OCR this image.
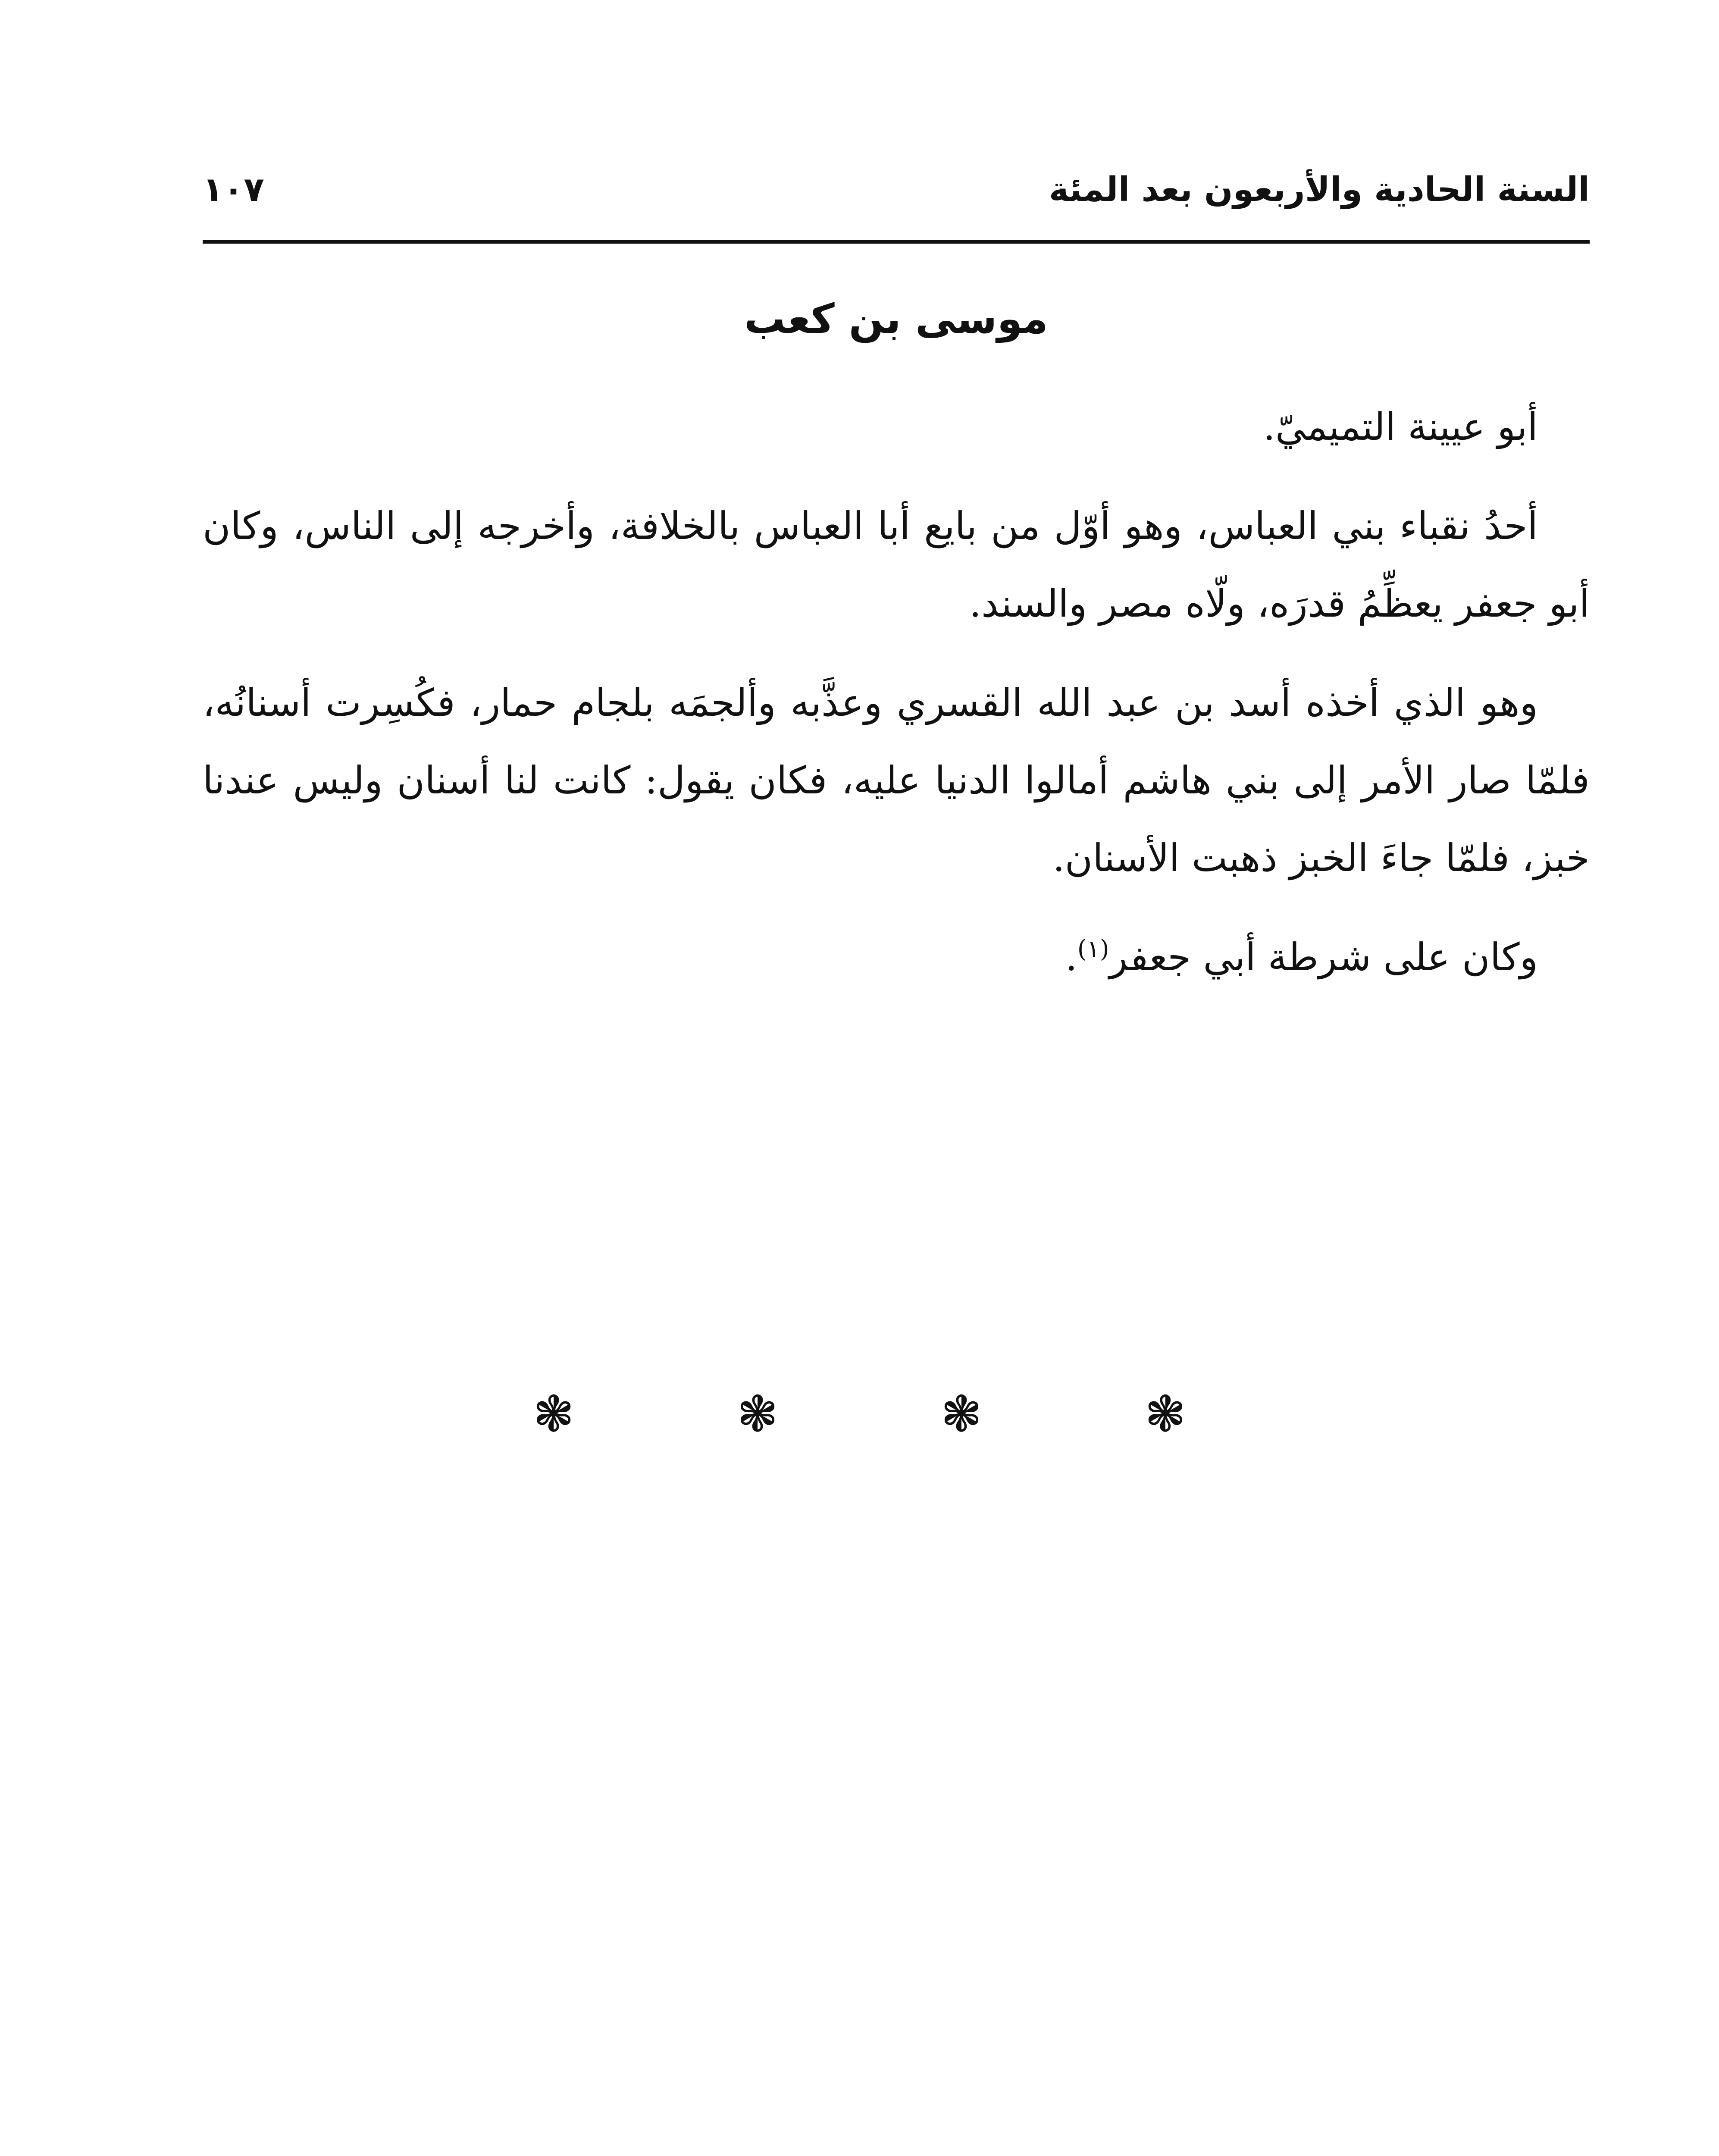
السنة الحادية والأربعون بعد المئة
١٠٧
موسى بن كعب

أبو عيينة التميميّ.

أحدُ نقباء بني العباس، وهو أوّل من بايع أبا العباس بالخلافة، وأخرجه إلى الناس، وكان أبو جعفر يعظِّمُ قدرَه، ولّاه مصر والسند.

وهو الذي أخذه أسد بن عبد الله القسري وعذَّبه وألجمَه بلجام حمار، فكُسِرت أسنانُه، فلمّا صار الأمر إلى بني هاشم أمالوا الدنيا عليه، فكان يقول: كانت لنا أسنان وليس عندنا خبز، فلمّا جاءَ الخبز ذهبت الأسنان.

وكان على شرطة أبي جعفر$^{(١)}$.

❃ ❃ ❃ ❃
